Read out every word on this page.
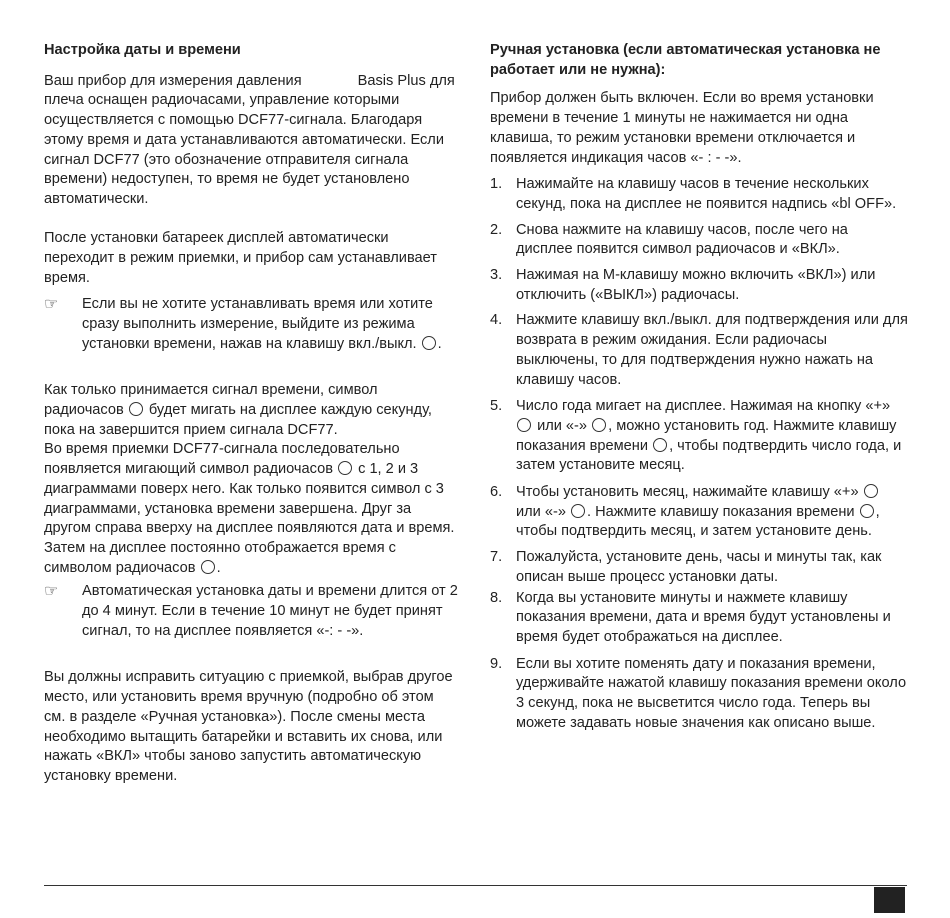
Настройка даты и времени

Ваш прибор для измерения давления	Basis Plus для плеча оснащен радиочасами, управление которыми осуществляется с помощью DCF77-сигнала. Благодаря этому время и дата устанавливаются автоматически. Если сигнал DCF77 (это обозначение отправителя сигнала времени) недоступен, то время не будет установлено автоматически.

После установки батареек дисплей автоматически переходит в режим приемки, и прибор сам устанавливает время.

☞ Если вы не хотите устанавливать время или хотите сразу выполнить измерение, выйдите из режима установки времени, нажав на клавишу вкл./выкл. .

Как только принимается сигнал времени, символ радиочасов будет мигать на дисплее каждую секунду, пока на завершится прием сигнала DCF77.
Во время приемки DCF77-сигнала последовательно появляется мигающий символ радиочасов с 1, 2 и 3 диаграммами поверх него. Как только появится символ с 3 диаграммами, установка времени завершена. Друг за другом справа вверху на дисплее появляются дата и время. Затем на дисплее постоянно отображается время с символом радиочасов .

☞ Автоматическая установка даты и времени длится от 2 до 4 минут. Если в течение 10 минут не будет принят сигнал, то на дисплее появляется «-: - -».

Вы должны исправить ситуацию с приемкой, выбрав другое место, или установить время вручную (подробно об этом см. в разделе «Ручная установка»). После смены места необходимо вытащить батарейки и вставить их снова, или нажать «ВКЛ» чтобы заново запустить автоматическую установку времени.

Ручная установка (если автоматическая установка не работает или не нужна):

Прибор должен быть включен. Если во время установки времени в течение 1 минуты не нажимается ни одна клавиша, то режим установки времени отключается и появляется индикация часов «- : - -».

1. Нажимайте на клавишу часов в течение нескольких секунд, пока на дисплее не появится надпись «bl OFF».
2. Снова нажмите на клавишу часов, после чего на дисплее появится символ радиочасов и «ВКЛ».
3. Нажимая на М-клавишу можно включить «ВКЛ») или отключить («ВЫКЛ») радиочасы.
4. Нажмите клавишу вкл./выкл. для подтверждения или для возврата в режим ожидания. Если радиочасы выключены, то для подтверждения нужно нажать на клавишу часов.
5. Число года мигает на дисплее. Нажимая на кнопку «+»
или «-» , можно установить год. Нажмите клавишу показания времени , чтобы подтвердить число года, и затем установите месяц.
6. Чтобы установить месяц, нажимайте клавишу «+»
или «-» . Нажмите клавишу показания времени , чтобы подтвердить месяц, и затем установите день.
7. Пожалуйста, установите день, часы и минуты так, как описан выше процесс установки даты.
8. Когда вы установите минуты и нажмете клавишу показания времени, дата и время будут установлены и время будет отображаться на дисплее.
9. Если вы хотите поменять дату и показания времени, удерживайте нажатой клавишу показания времени около 3 секунд, пока не высветится число года. Теперь вы можете задавать новые значения как описано выше.
